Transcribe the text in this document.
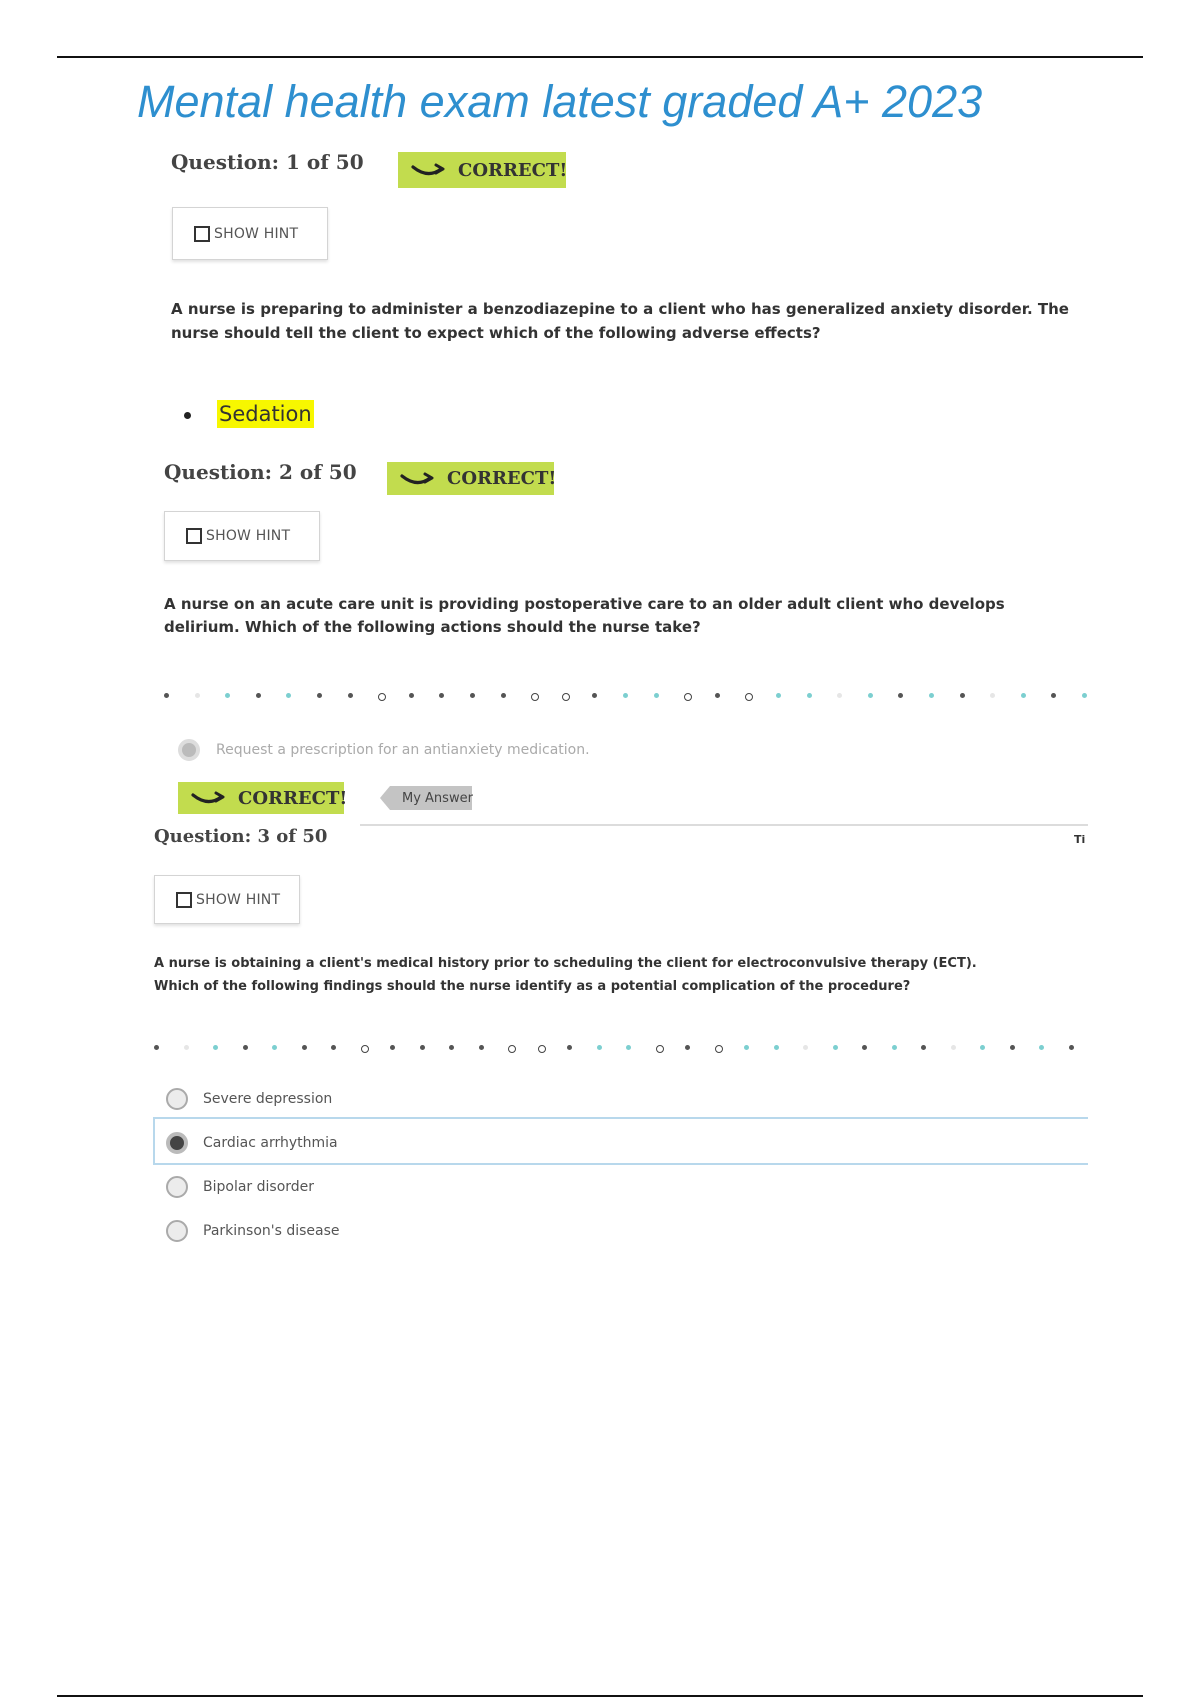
Mental health exam latest graded A+ 2023
Question: 1 of 50	CORRECT!
SHOW HINT

A nurse is preparing to administer a benzodiazepine to a client who has generalized anxiety disorder. The nurse should tell the client to expect which of the following adverse effects?

Sedation
Question: 2 of 50	CORRECT!
SHOW HINT

A nurse on an acute care unit is providing postoperative care to an older adult client who develops delirium. Which of the following actions should the nurse take?

Request a prescription for an antianxiety medication.
CORRECT!	My Answer
Question: 3 of 50	Ti
SHOW HINT

A nurse is obtaining a client's medical history prior to scheduling the client for electroconvulsive therapy (ECT). Which of the following findings should the nurse identify as a potential complication of the procedure?

Severe depression
Cardiac arrhythmia
Bipolar disorder
Parkinson's disease
